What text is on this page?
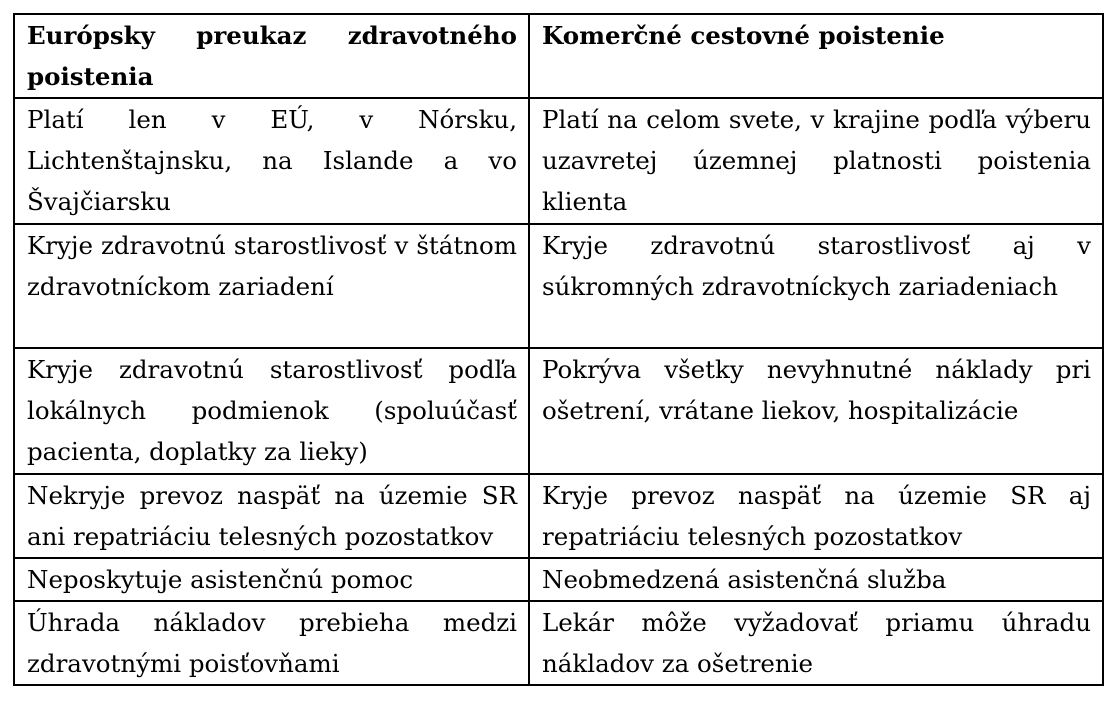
Európsky preukaz zdravotného poistenia	Komerčné cestovné poistenie
Platí len v EÚ, v Nórsku, Lichtenštajnsku, na Islande a vo Švajčiarsku	Platí na celom svete, v krajine podľa výberu uzavretej územnej platnosti poistenia klienta
Kryje zdravotnú starostlivosť v štátnom zdravotníckom zariadení	Kryje zdravotnú starostlivosť aj v súkromných zdravotníckych zariadeniach
Kryje zdravotnú starostlivosť podľa lokálnych podmienok (spoluúčasť pacienta, doplatky za lieky)	Pokrýva všetky nevyhnutné náklady pri ošetrení, vrátane liekov, hospitalizácie
Nekryje prevoz naspäť na územie SR ani repatriáciu telesných pozostatkov	Kryje prevoz naspäť na územie SR aj repatriáciu telesných pozostatkov
Neposkytuje asistenčnú pomoc	Neobmedzená asistenčná služba
Úhrada nákladov prebieha medzi zdravotnými poisťovňami	Lekár môže vyžadovať priamu úhradu nákladov za ošetrenie
